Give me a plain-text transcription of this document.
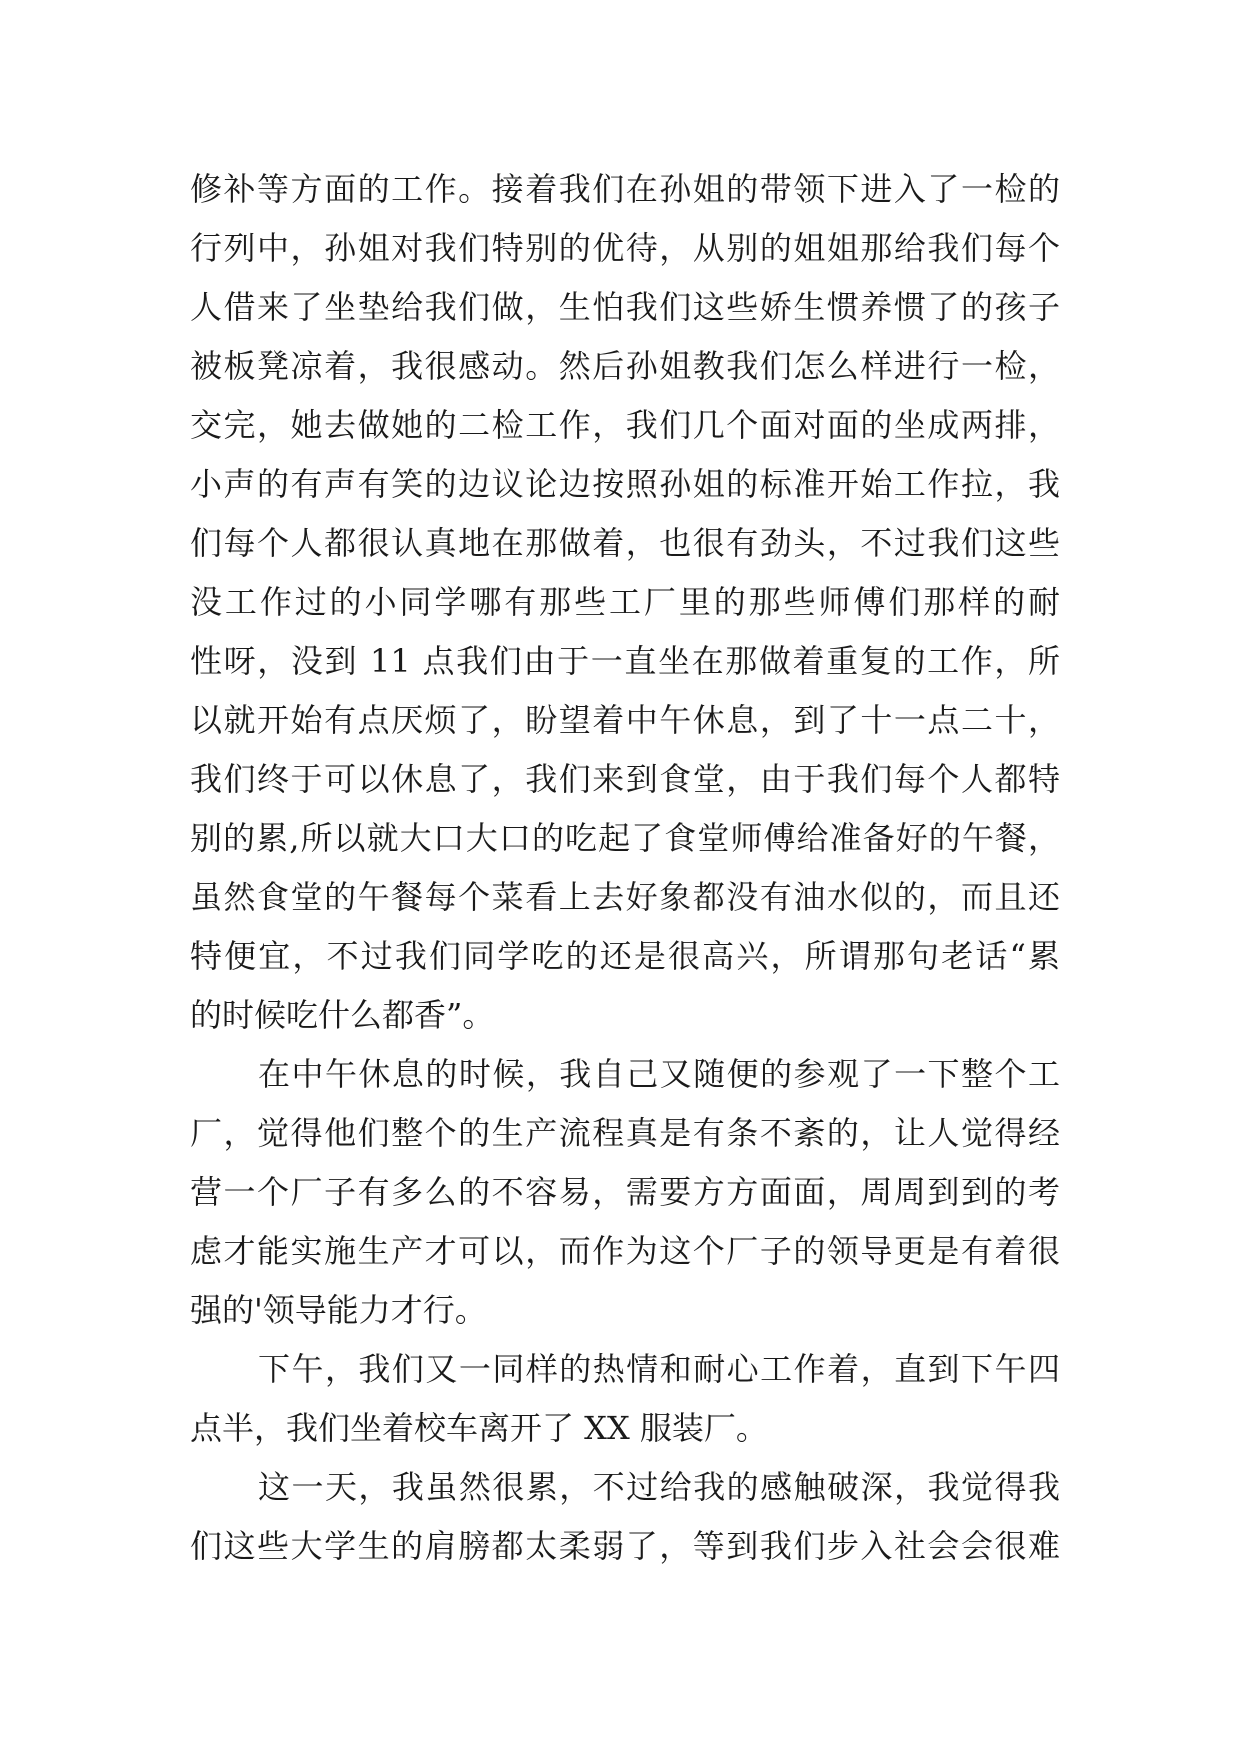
修补等方面的工作。接着我们在孙姐的带领下进入了一检的
行列中，孙姐对我们特别的优待，从别的姐姐那给我们每个
人借来了坐垫给我们做，生怕我们这些娇生惯养惯了的孩子
被板凳凉着，我很感动。然后孙姐教我们怎么样进行一检，
交完，她去做她的二检工作，我们几个面对面的坐成两排，
小声的有声有笑的边议论边按照孙姐的标准开始工作拉，我
们每个人都很认真地在那做着，也很有劲头，不过我们这些
没工作过的小同学哪有那些工厂里的那些师傅们那样的耐
性呀，没到 11 点我们由于一直坐在那做着重复的工作，所
以就开始有点厌烦了，盼望着中午休息，到了十一点二十，
我们终于可以休息了，我们来到食堂，由于我们每个人都特
别的累,所以就大口大口的吃起了食堂师傅给准备好的午餐，
虽然食堂的午餐每个菜看上去好象都没有油水似的，而且还
特便宜，不过我们同学吃的还是很高兴，所谓那句老话“累
的时候吃什么都香”。
在中午休息的时候，我自己又随便的参观了一下整个工
厂，觉得他们整个的生产流程真是有条不紊的，让人觉得经
营一个厂子有多么的不容易，需要方方面面，周周到到的考
虑才能实施生产才可以，而作为这个厂子的领导更是有着很
强的'领导能力才行。
下午，我们又一同样的热情和耐心工作着，直到下午四
点半，我们坐着校车离开了 XX 服装厂。
这一天，我虽然很累，不过给我的感触破深，我觉得我
们这些大学生的肩膀都太柔弱了，等到我们步入社会会很难
